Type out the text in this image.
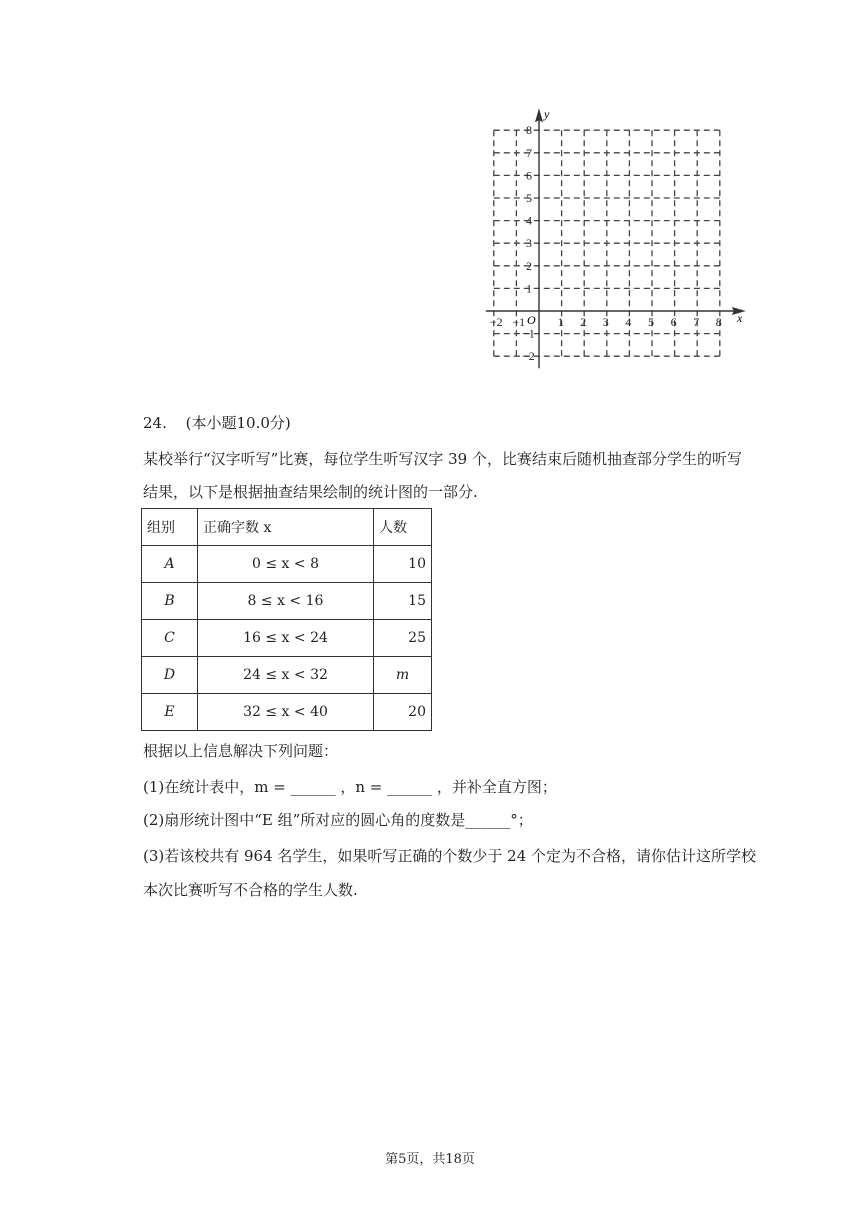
8
7
6
5
4
3
2
1
−1
−2
−2 −1	1 2 3 4 5 6 7 8
y
x
O
24. (本小题10.0分)
某校举行“汉字听写”比赛，每位学生听写汉字 39 个，比赛结束后随机抽查部分学生的听写
结果，以下是根据抽查结果绘制的统计图的一部分.
组别	正确字数 x	人数
A	0 ≤ x < 8	10
B	8 ≤ x < 16	15
C	16 ≤ x < 24	25
D	24 ≤ x < 32	m
E	32 ≤ x < 40	20
根据以上信息解决下列问题：
(1)在统计表中，m = ______ ，n = ______ ，并补全直方图；
(2)扇形统计图中“E 组”所对应的圆心角的度数是______°；
(3)若该校共有 964 名学生，如果听写正确的个数少于 24 个定为不合格，请你估计这所学校
本次比赛听写不合格的学生人数.
第5页，共18页
